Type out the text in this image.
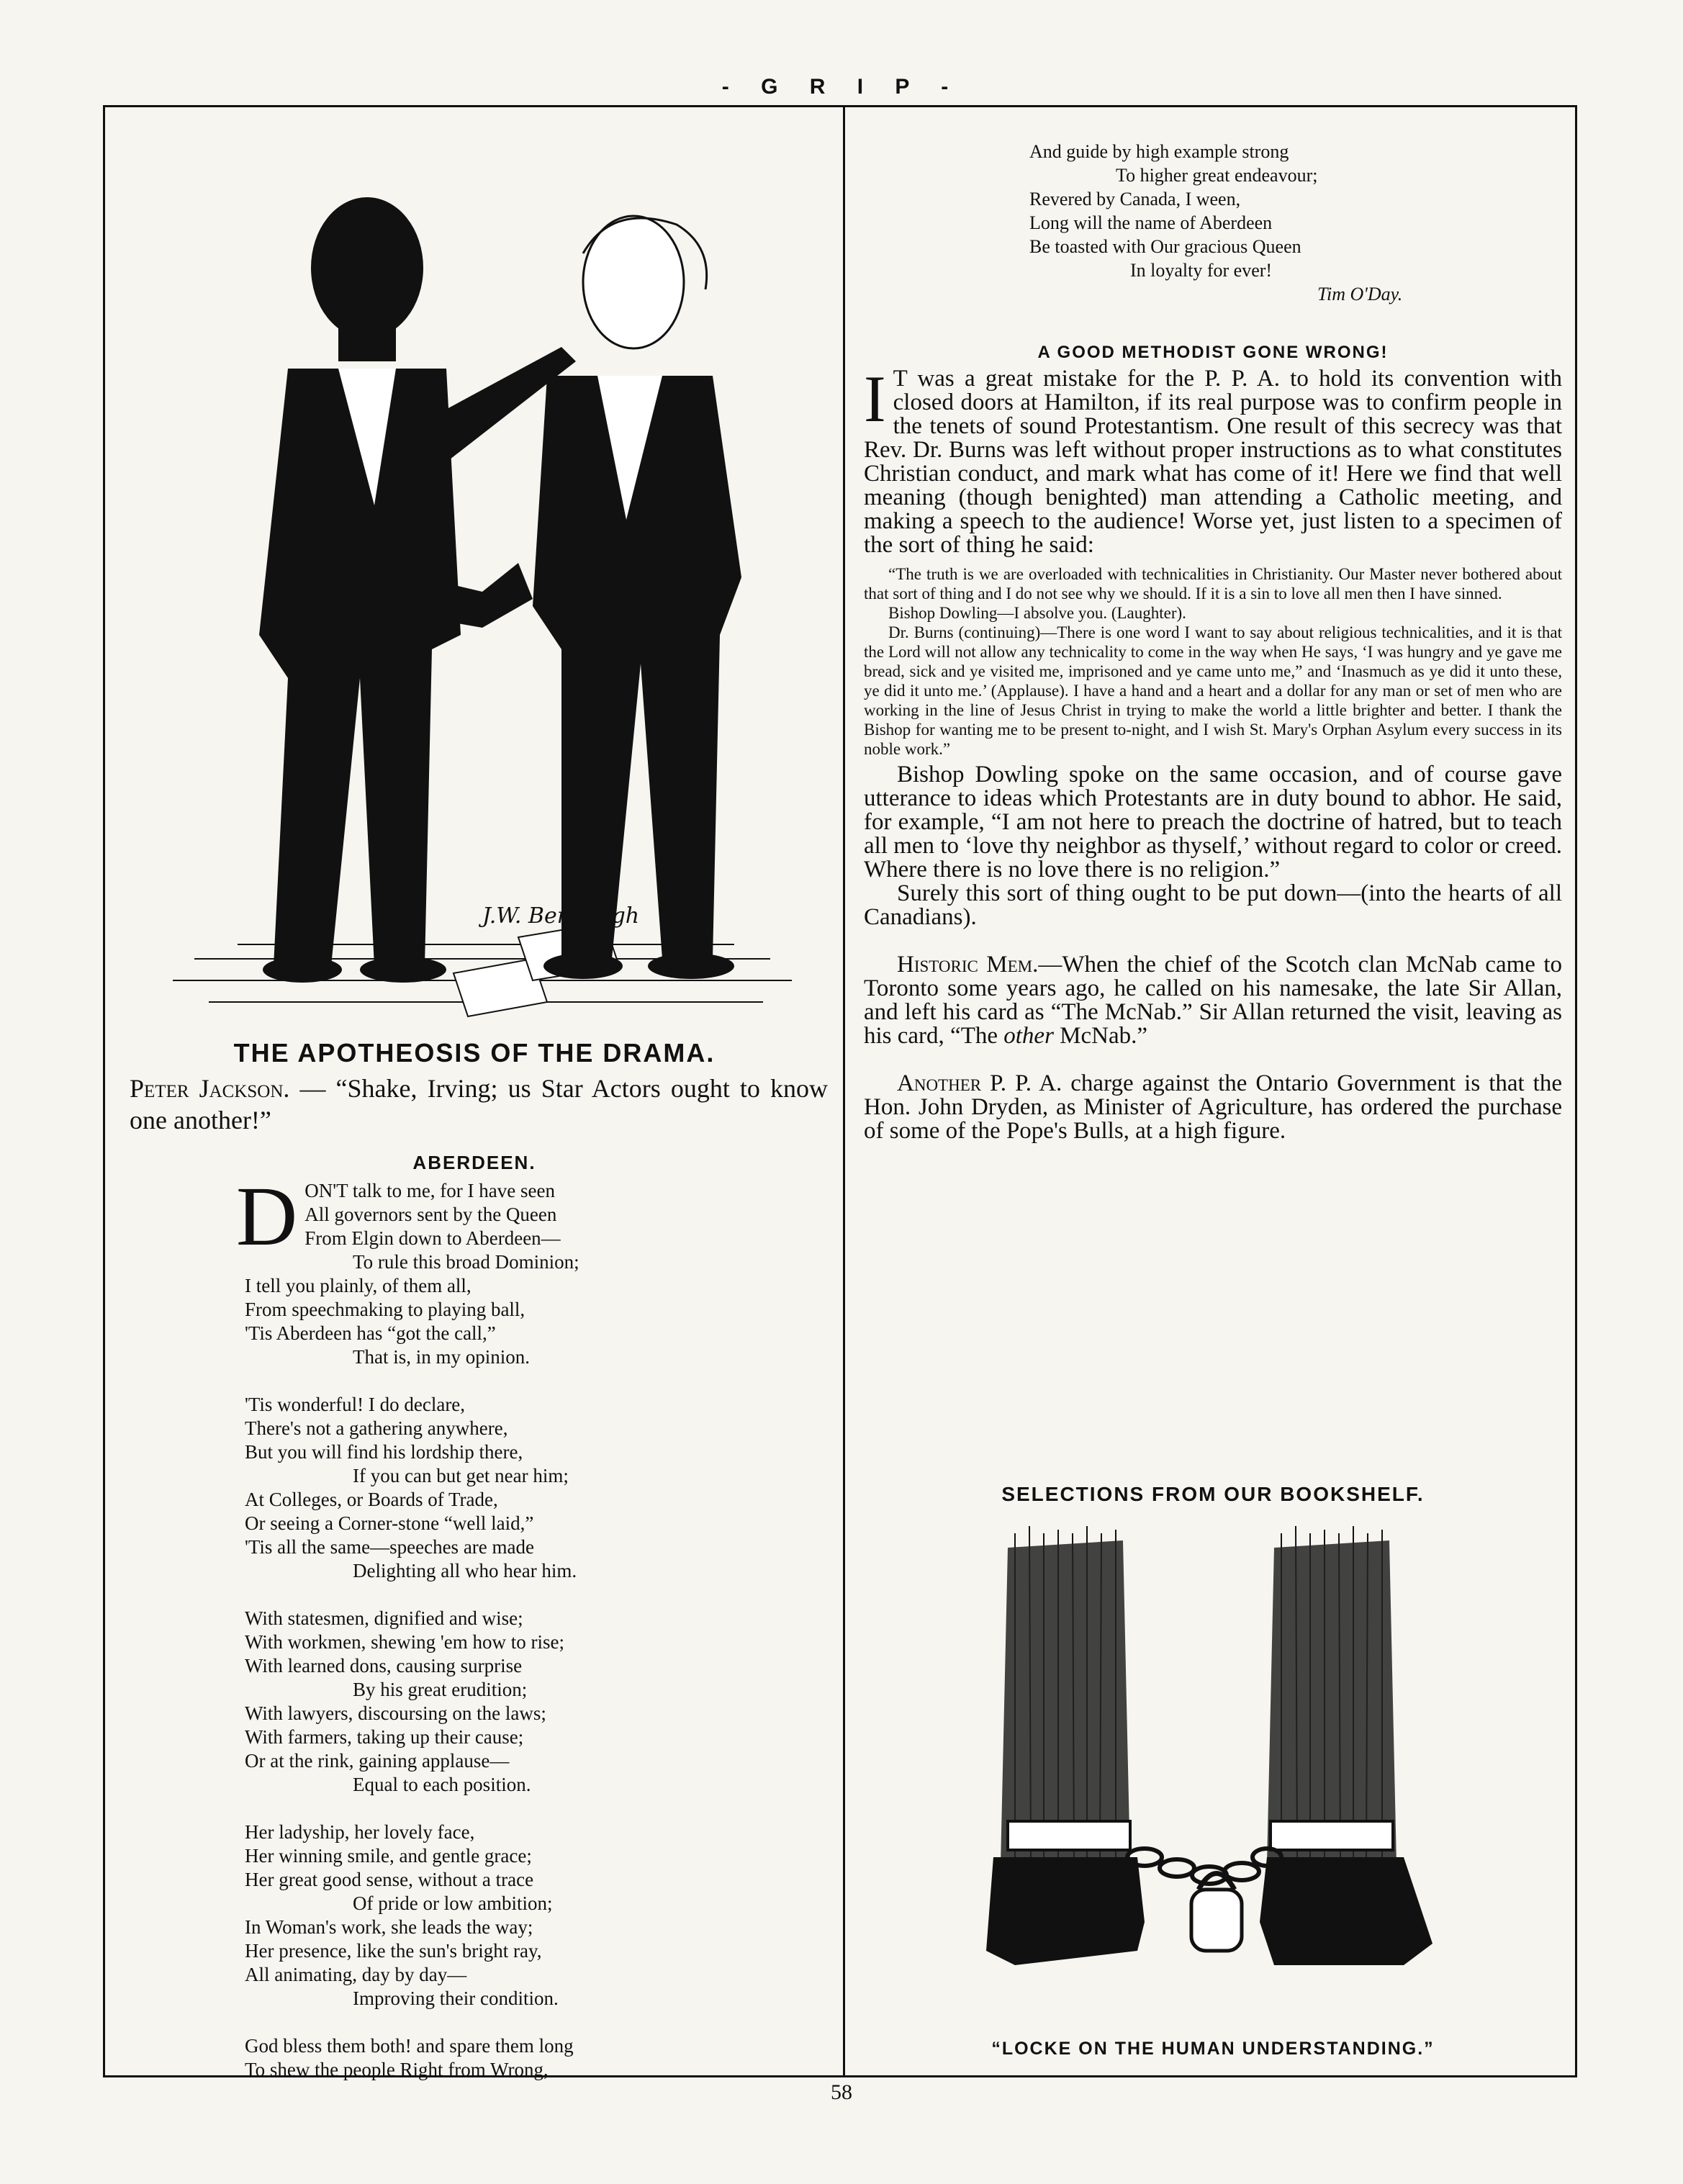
- G R I P -
J.W. Bengough
THE APOTHEOSIS OF THE DRAMA.
Peter Jackson. — “Shake, Irving; us Star Actors ought to know one another!”
ABERDEEN.
D ON'T talk to me, for I have seen
All governors sent by the Queen
From Elgin down to Aberdeen—
To rule this broad Dominion;
I tell you plainly, of them all,
From speechmaking to playing ball,
'Tis Aberdeen has “got the call,”
That is, in my opinion.
'Tis wonderful! I do declare,
There's not a gathering anywhere,
But you will find his lordship there,
If you can but get near him;
At Colleges, or Boards of Trade,
Or seeing a Corner-stone “well laid,”
'Tis all the same—speeches are made
Delighting all who hear him.
With statesmen, dignified and wise;
With workmen, shewing 'em how to rise;
With learned dons, causing surprise
By his great erudition;
With lawyers, discoursing on the laws;
With farmers, taking up their cause;
Or at the rink, gaining applause—
Equal to each position.
Her ladyship, her lovely face,
Her winning smile, and gentle grace;
Her great good sense, without a trace
Of pride or low ambition;
In Woman's work, she leads the way;
Her presence, like the sun's bright ray,
All animating, day by day—
Improving their condition.
God bless them both! and spare them long
To shew the people Right from Wrong,
And guide by high example strong
To higher great endeavour;
Revered by Canada, I ween,
Long will the name of Aberdeen
Be toasted with Our gracious Queen
In loyalty for ever!
Tim O'Day.
A GOOD METHODIST GONE WRONG!

I T was a great mistake for the P. P. A. to hold its convention with closed doors at Hamilton, if its real purpose was to confirm people in the tenets of sound Protestantism. One result of this secrecy was that Rev. Dr. Burns was left without proper instructions as to what constitutes Christian conduct, and mark what has come of it! Here we find that well meaning (though benighted) man attending a Catholic meeting, and making a speech to the audience! Worse yet, just listen to a specimen of the sort of thing he said:

“The truth is we are overloaded with technicalities in Christianity. Our Master never bothered about that sort of thing and I do not see why we should. If it is a sin to love all men then I have sinned.

Bishop Dowling—I absolve you. (Laughter).

Dr. Burns (continuing)—There is one word I want to say about religious technicalities, and it is that the Lord will not allow any technicality to come in the way when He says, ‘I was hungry and ye gave me bread, sick and ye visited me, imprisoned and ye came unto me,” and ‘Inasmuch as ye did it unto these, ye did it unto me.’ (Applause). I have a hand and a heart and a dollar for any man or set of men who are working in the line of Jesus Christ in trying to make the world a little brighter and better. I thank the Bishop for wanting me to be present to-night, and I wish St. Mary's Orphan Asylum every success in its noble work.”

Bishop Dowling spoke on the same occasion, and of course gave utterance to ideas which Protestants are in duty bound to abhor. He said, for example, “I am not here to preach the doctrine of hatred, but to teach all men to ‘love thy neighbor as thyself,’ without regard to color or creed. Where there is no love there is no religion.”

Surely this sort of thing ought to be put down—(into the hearts of all Canadians).

Historic Mem.—When the chief of the Scotch clan McNab came to Toronto some years ago, he called on his namesake, the late Sir Allan, and left his card as “The McNab.” Sir Allan returned the visit, leaving as his card, “The other McNab.”

Another P. P. A. charge against the Ontario Government is that the Hon. John Dryden, as Minister of Agriculture, has ordered the purchase of some of the Pope's Bulls, at a high figure.

SELECTIONS FROM OUR BOOKSHELF.
“LOCKE ON THE HUMAN UNDERSTANDING.”
58
